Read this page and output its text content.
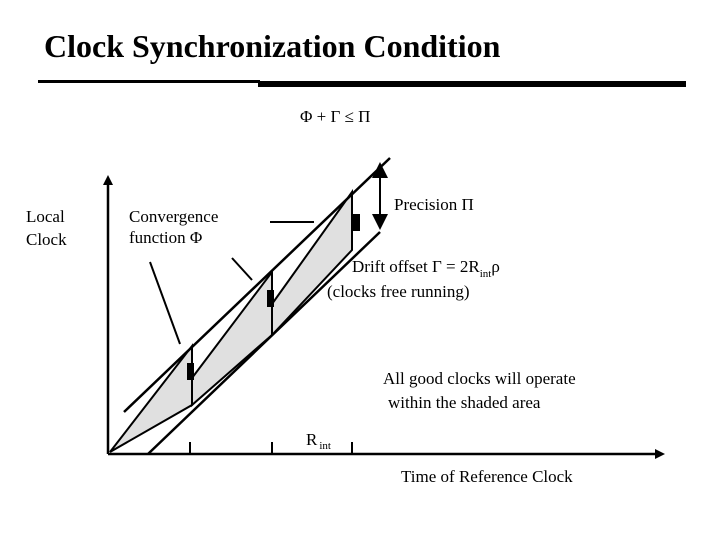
Clock Synchronization Condition
Φ + Γ ≤ Π
Local
Clock
Convergence
function Φ
Precision Π
Drift offset $\Gamma = 2R_{int}\rho$
(clocks free running)
R $_{int}$
All good clocks will operate
within the shaded area
Time of Reference Clock
